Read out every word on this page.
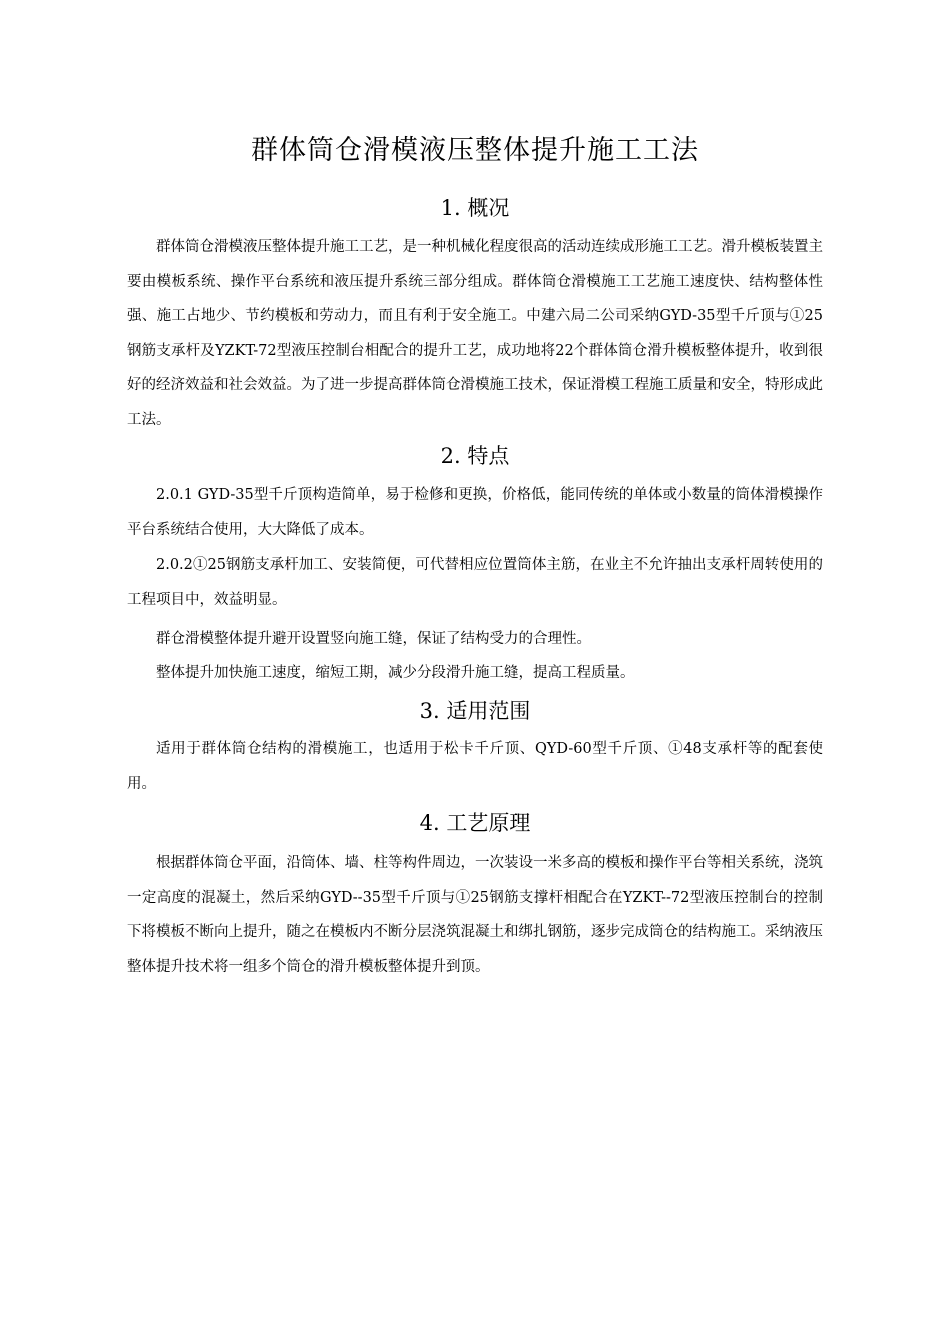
群体筒仓滑模液压整体提升施工工法
1. 概况

群体筒仓滑模液压整体提升施工工艺，是一种机械化程度很高的活动连续成形施工工艺。滑升模板装置主要由模板系统、操作平台系统和液压提升系统三部分组成。群体筒仓滑模施工工艺施工速度快、结构整体性强、施工占地少、节约模板和劳动力，而且有利于安全施工。中建六局二公司采纳GYD-35型千斤顶与①25钢筋支承杆及YZKT-72型液压控制台相配合的提升工艺，成功地将22个群体筒仓滑升模板整体提升，收到很好的经济效益和社会效益。为了进一步提高群体筒仓滑模施工技术，保证滑模工程施工质量和安全，特形成此工法。

2. 特点

2.0.1 GYD-35型千斤顶构造简单，易于检修和更换，价格低，能同传统的单体或小数量的筒体滑模操作平台系统结合使用，大大降低了成本。

2.0.2①25钢筋支承杆加工、安装简便，可代替相应位置筒体主筋，在业主不允许抽出支承杆周转使用的工程项目中，效益明显。

群仓滑模整体提升避开设置竖向施工缝，保证了结构受力的合理性。

整体提升加快施工速度，缩短工期，减少分段滑升施工缝，提高工程质量。

3. 适用范围

适用于群体筒仓结构的滑模施工，也适用于松卡千斤顶、QYD-60型千斤顶、①48支承杆等的配套使用。

4. 工艺原理

根据群体筒仓平面，沿筒体、墙、柱等构件周边，一次装设一米多高的模板和操作平台等相关系统，浇筑一定高度的混凝土，然后采纳GYD--35型千斤顶与①25钢筋支撑杆相配合在YZKT--72型液压控制台的控制下将模板不断向上提升，随之在模板内不断分层浇筑混凝土和绑扎钢筋，逐步完成筒仓的结构施工。采纳液压整体提升技术将一组多个筒仓的滑升模板整体提升到顶。
